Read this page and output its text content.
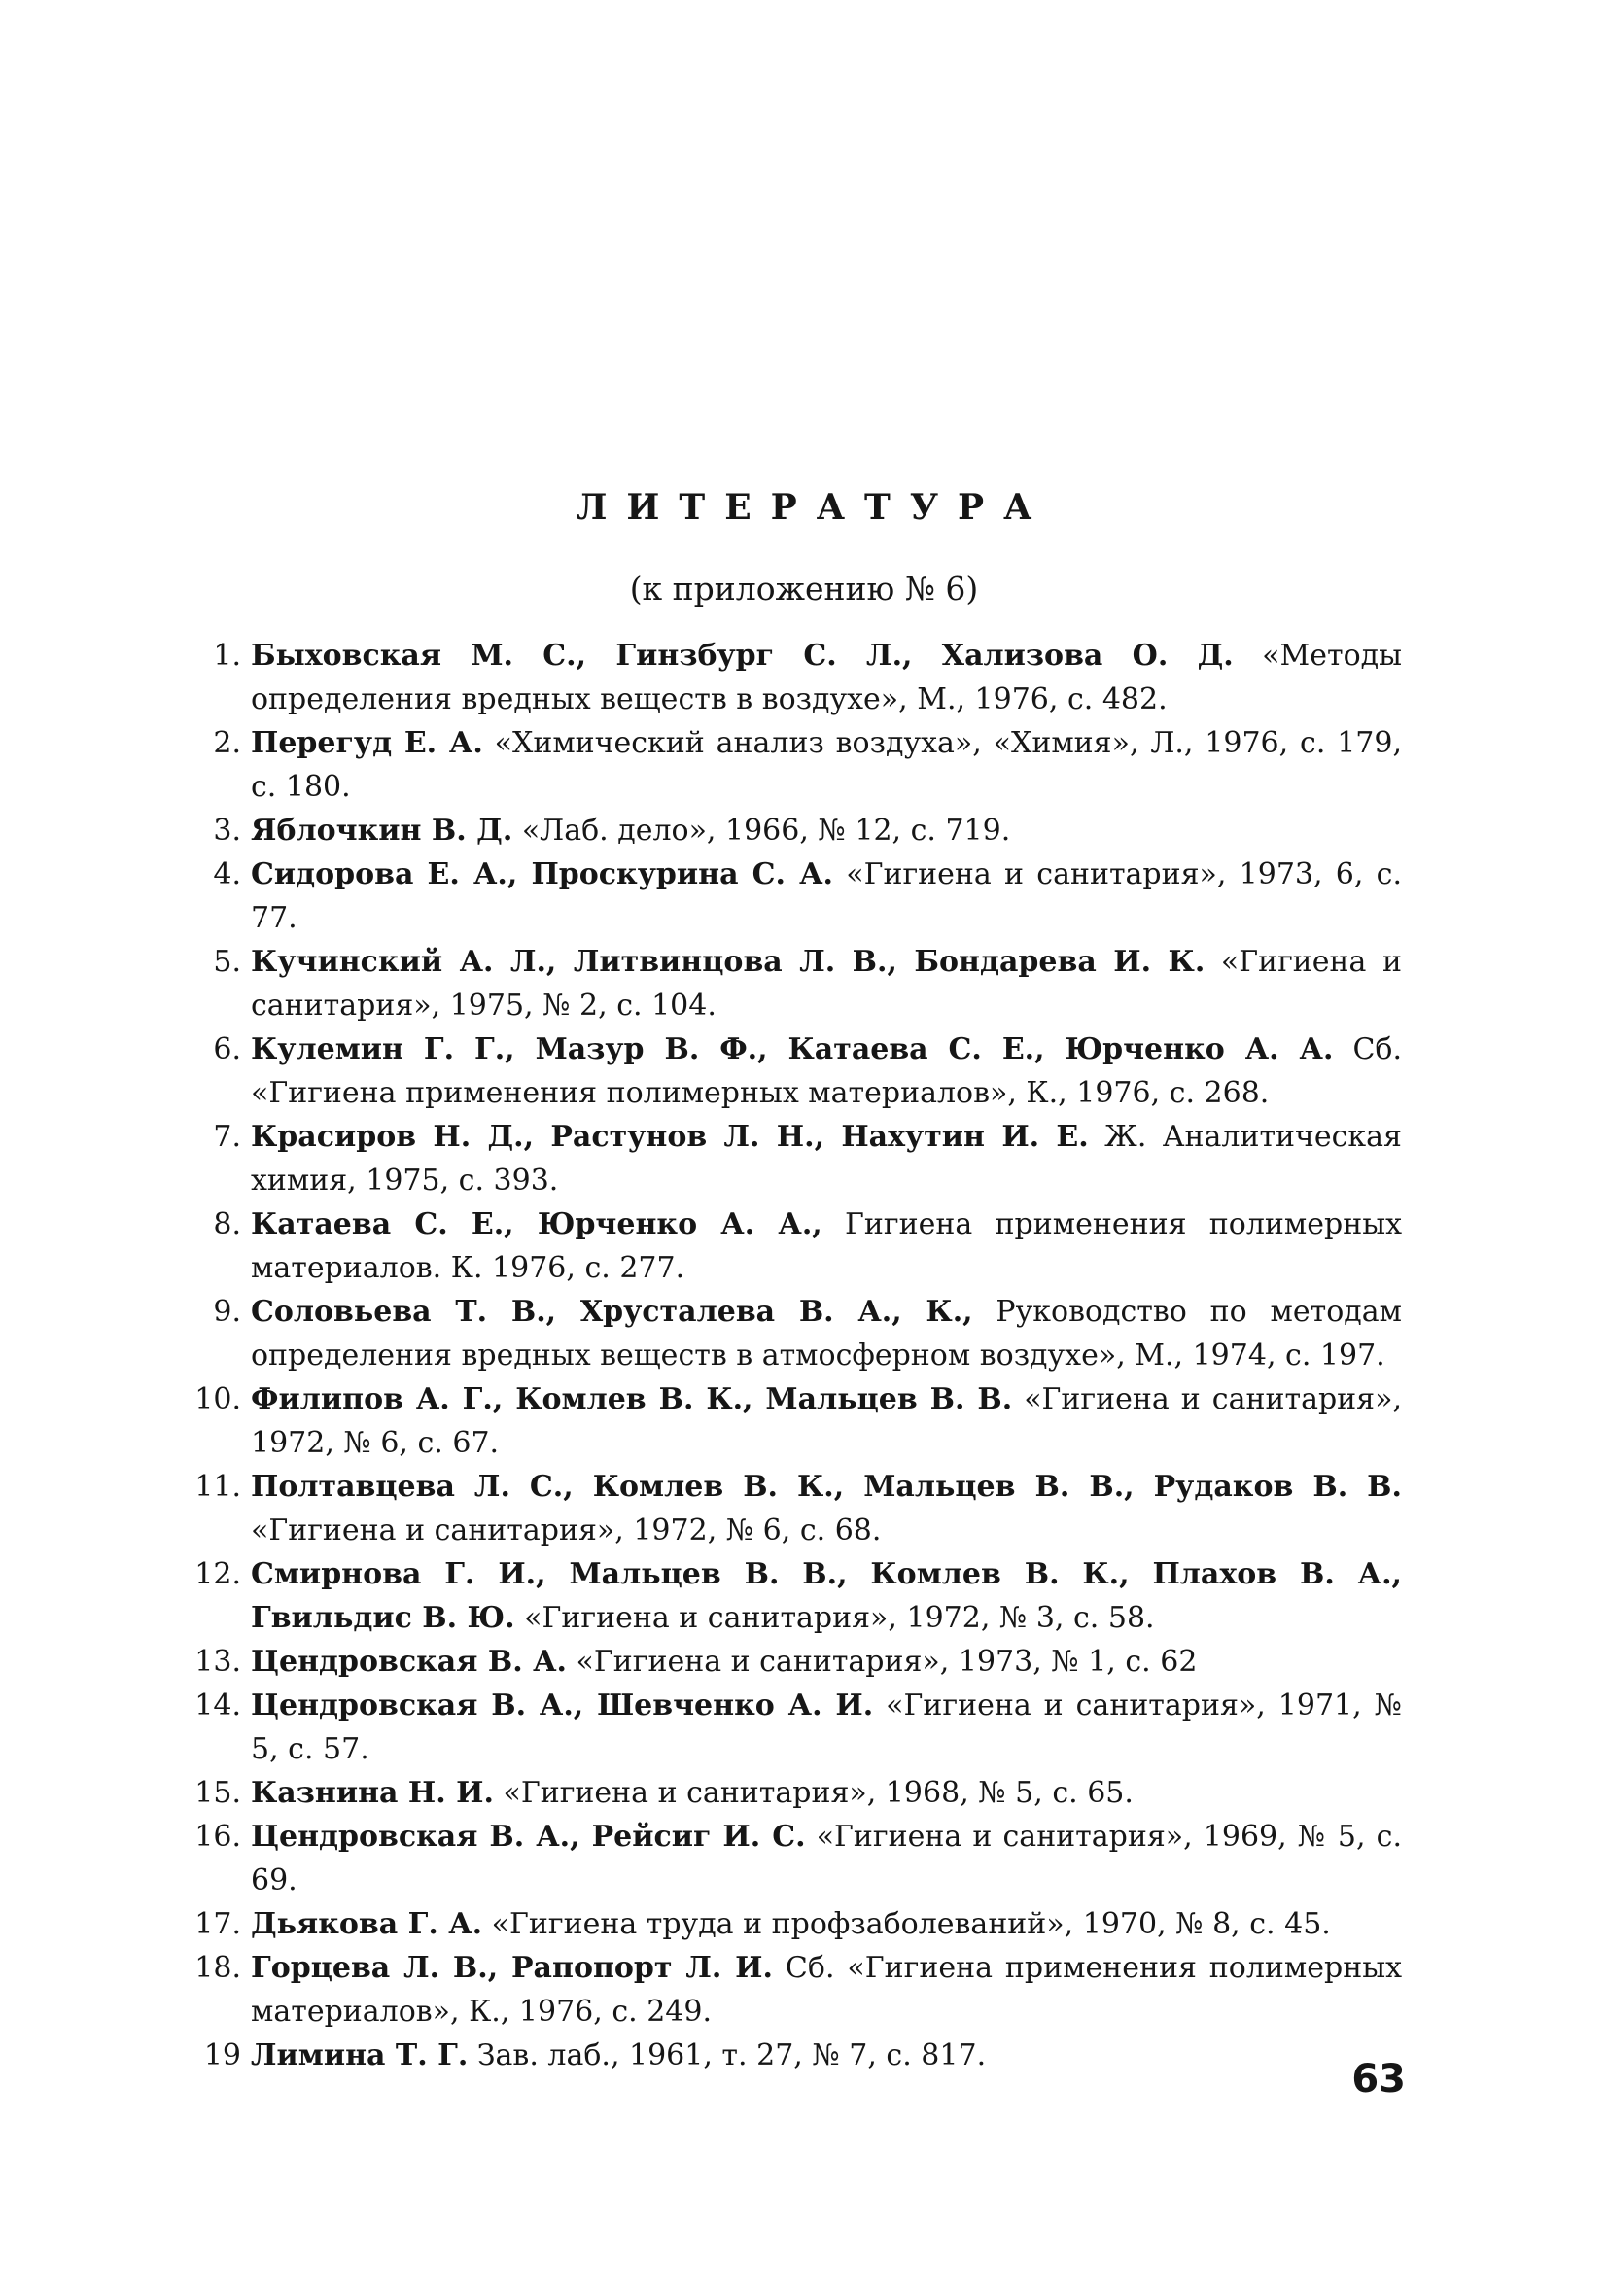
ЛИТЕРАТУРА
(к приложению № 6)
1. Быховская М. С., Гинзбург С. Л., Хализова О. Д. «Методы определения вредных веществ в воздухе», М., 1976, с. 482.
2. Перегуд Е. А. «Химический анализ воздуха», «Химия», Л., 1976, с. 179, с. 180.
3. Яблочкин В. Д. «Лаб. дело», 1966, № 12, с. 719.
4. Сидорова Е. А., Проскурина С. А. «Гигиена и санитария», 1973, 6, с. 77.
5. Кучинский А. Л., Литвинцова Л. В., Бондарева И. К. «Гигиена и санитария», 1975, № 2, с. 104.
6. Кулемин Г. Г., Мазур В. Ф., Катаева С. Е., Юрченко А. А. Сб. «Гигиена применения полимерных материалов», К., 1976, с. 268.
7. Красиров Н. Д., Растунов Л. Н., Нахутин И. Е. Ж. Аналитическая химия, 1975, с. 393.
8. Катаева С. Е., Юрченко А. А., Гигиена применения полимерных материалов. К. 1976, с. 277.
9. Соловьева Т. В., Хрусталева В. А., К., Руководство по методам определения вредных веществ в атмосферном воздухе», М., 1974, с. 197.
10. Филипов А. Г., Комлев В. К., Мальцев В. В. «Гигиена и санитария», 1972, № 6, с. 67.
11. Полтавцева Л. С., Комлев В. К., Мальцев В. В., Рудаков В. В. «Гигиена и санитария», 1972, № 6, с. 68.
12. Смирнова Г. И., Мальцев В. В., Комлев В. К., Плахов В. А., Гвильдис В. Ю. «Гигиена и санитария», 1972, № 3, с. 58.
13. Цендровская В. А. «Гигиена и санитария», 1973, № 1, с. 62
14. Цендровская В. А., Шевченко А. И. «Гигиена и санитария», 1971, № 5, с. 57.
15. Казнина Н. И. «Гигиена и санитария», 1968, № 5, с. 65.
16. Цендровская В. А., Рейсиг И. С. «Гигиена и санитария», 1969, № 5, с. 69.
17. Дьякова Г. А. «Гигиена труда и профзаболеваний», 1970, № 8, с. 45.
18. Горцева Л. В., Рапопорт Л. И. Сб. «Гигиена применения полимерных материалов», К., 1976, с. 249.
19 Лимина Т. Г. Зав. лаб., 1961, т. 27, № 7, с. 817.
63
